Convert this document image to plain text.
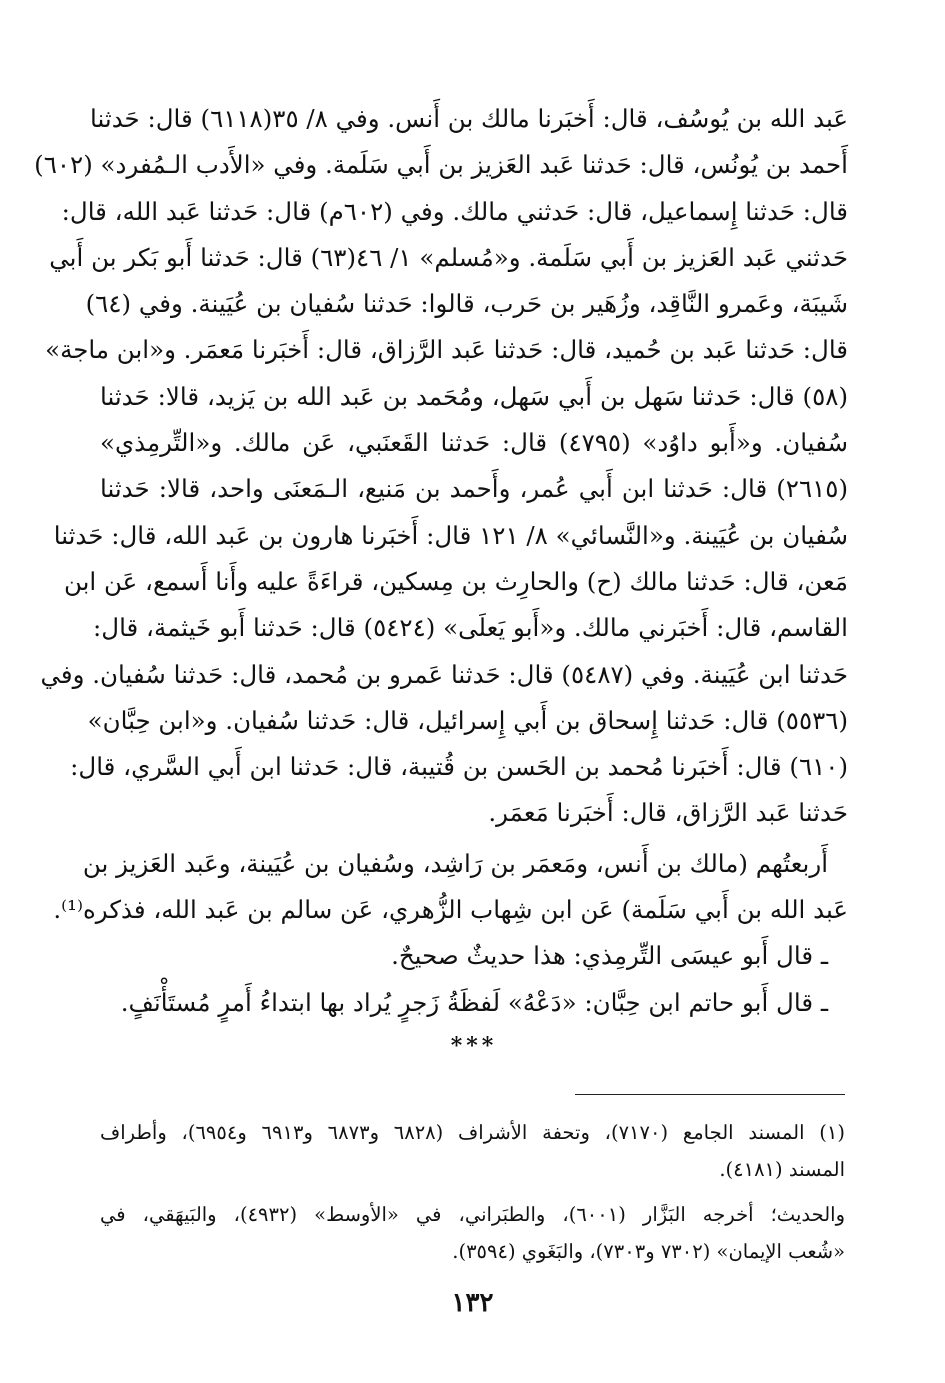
عَبد الله بن يُوسُف، قال: أَخبَرنا مالك بن أَنس. وفي ٨/ ٣٥(٦١١٨) قال: حَدثنا
أَحمد بن يُونُس، قال: حَدثنا عَبد العَزيز بن أَبي سَلَمة. وفي «الأَدب الـمُفرد» (٦٠٢)
قال: حَدثنا إِسماعيل، قال: حَدثني مالك. وفي (٦٠٢م) قال: حَدثنا عَبد الله، قال:
حَدثني عَبد العَزيز بن أَبي سَلَمة. و«مُسلم» ١/ ٤٦(٦٣) قال: حَدثنا أَبو بَكر بن أَبي
شَيبَة، وعَمرو النَّاقِد، وزُهَير بن حَرب، قالوا: حَدثنا سُفيان بن عُيَينة. وفي (٦٤)
قال: حَدثنا عَبد بن حُميد، قال: حَدثنا عَبد الرَّزاق، قال: أَخبَرنا مَعمَر. و«ابن ماجة»
(٥٨) قال: حَدثنا سَهل بن أَبي سَهل، ومُحَمد بن عَبد الله بن يَزيد، قالا: حَدثنا
سُفيان. و«أَبو داوُد» (٤٧٩٥) قال: حَدثنا القَعنَبي، عَن مالك. و«التِّرمِذي»
(٢٦١٥) قال: حَدثنا ابن أَبي عُمر، وأَحمد بن مَنيع، الـمَعنَى واحد، قالا: حَدثنا
سُفيان بن عُيَينة. و«النَّسائي» ٨/ ١٢١ قال: أَخبَرنا هارون بن عَبد الله، قال: حَدثنا
مَعن، قال: حَدثنا مالك (ح) والحارِث بن مِسكين، قراءَةً عليه وأَنا أَسمع، عَن ابن
القاسم، قال: أَخبَرني مالك. و«أَبو يَعلَى» (٥٤٢٤) قال: حَدثنا أَبو خَيثمة، قال:
حَدثنا ابن عُيَينة. وفي (٥٤٨٧) قال: حَدثنا عَمرو بن مُحمد، قال: حَدثنا سُفيان. وفي
(٥٥٣٦) قال: حَدثنا إِسحاق بن أَبي إِسرائيل، قال: حَدثنا سُفيان. و«ابن حِبَّان»
(٦١٠) قال: أَخبَرنا مُحمد بن الحَسن بن قُتيبة، قال: حَدثنا ابن أَبي السَّري، قال:
حَدثنا عَبد الرَّزاق، قال: أَخبَرنا مَعمَر.
أَربعتُهم (مالك بن أَنس، ومَعمَر بن رَاشِد، وسُفيان بن عُيَينة، وعَبد العَزيز بن
عَبد الله بن أَبي سَلَمة) عَن ابن شِهاب الزُّهري، عَن سالم بن عَبد الله، فذكره⁽¹⁾.
ـ قال أَبو عيسَى التِّرمِذي: هذا حديثٌ صحيحٌ.
ـ قال أَبو حاتم ابن حِبَّان: «دَعْهُ» لَفظَةُ زَجرٍ يُراد بها ابتداءُ أَمرٍ مُستَأْنَفٍ.
***
(١) المسند الجامع (٧١٧٠)، وتحفة الأشراف (٦٨٢٨ و٦٨٧٣ و٦٩١٣ و٦٩٥٤)، وأطراف
المسند (٤١٨١).
والحديث؛ أخرجه البَزَّار (٦٠٠١)، والطبَراني، في «الأوسط» (٤٩٣٢)، والبَيهَقي، في
«شُعب الإيمان» (٧٣٠٢ و٧٣٠٣)، والبَغَوي (٣٥٩٤).
١٣٢
